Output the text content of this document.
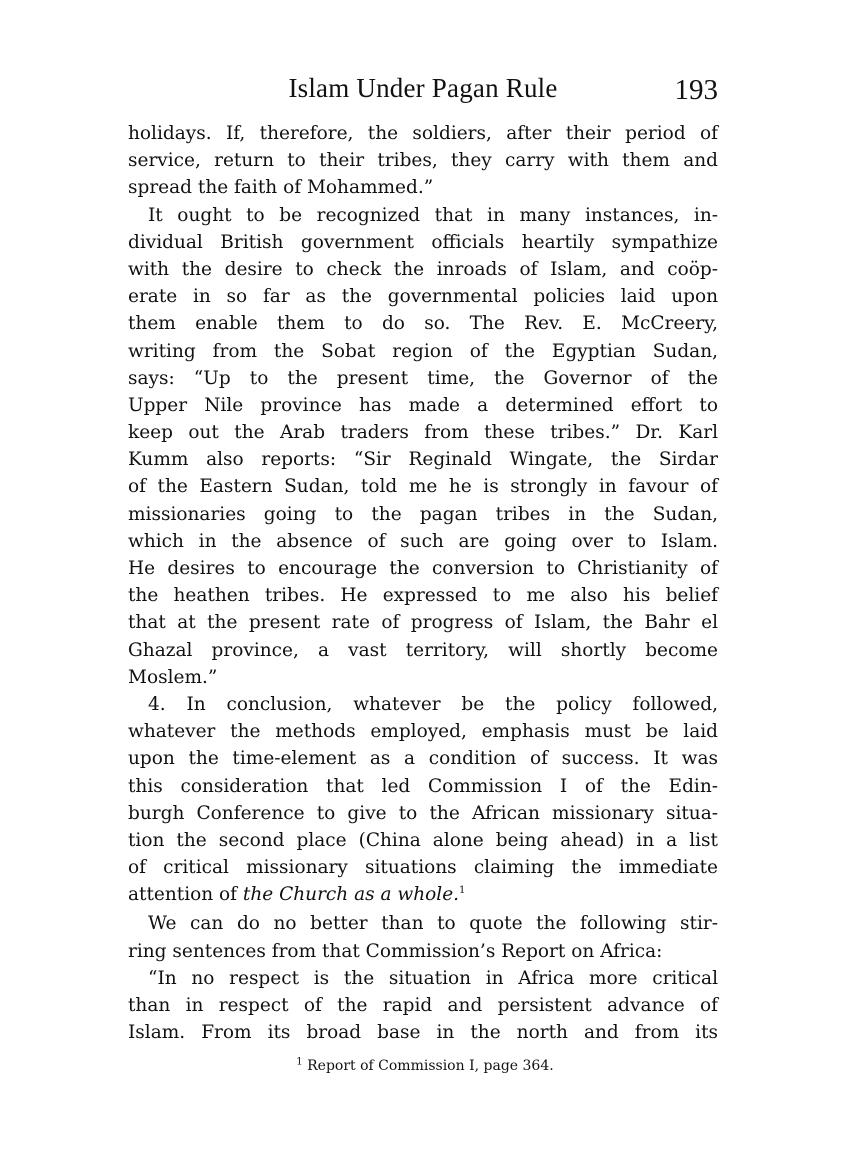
Islam Under Pagan Rule	193
holidays. If, therefore, the soldiers, after their period of
service, return to their tribes, they carry with them and
spread the faith of Mohammed.”
It ought to be recognized that in many instances, in-
dividual British government officials heartily sympathize
with the desire to check the inroads of Islam, and coöp-
erate in so far as the governmental policies laid upon
them enable them to do so. The Rev. E. McCreery,
writing from the Sobat region of the Egyptian Sudan,
says: “Up to the present time, the Governor of the
Upper Nile province has made a determined effort to
keep out the Arab traders from these tribes.” Dr. Karl
Kumm also reports: “Sir Reginald Wingate, the Sirdar
of the Eastern Sudan, told me he is strongly in favour of
missionaries going to the pagan tribes in the Sudan,
which in the absence of such are going over to Islam.
He desires to encourage the conversion to Christianity of
the heathen tribes. He expressed to me also his belief
that at the present rate of progress of Islam, the Bahr el
Ghazal province, a vast territory, will shortly become
Moslem.”
4. In conclusion, whatever be the policy followed,
whatever the methods employed, emphasis must be laid
upon the time-element as a condition of success. It was
this consideration that led Commission I of the Edin-
burgh Conference to give to the African missionary situa-
tion the second place (China alone being ahead) in a list
of critical missionary situations claiming the immediate
attention of the Church as a whole.$^1$
We can do no better than to quote the following stir-
ring sentences from that Commission’s Report on Africa:
“In no respect is the situation in Africa more critical
than in respect of the rapid and persistent advance of
Islam. From its broad base in the north and from its
$^1$ Report of Commission I, page 364.
